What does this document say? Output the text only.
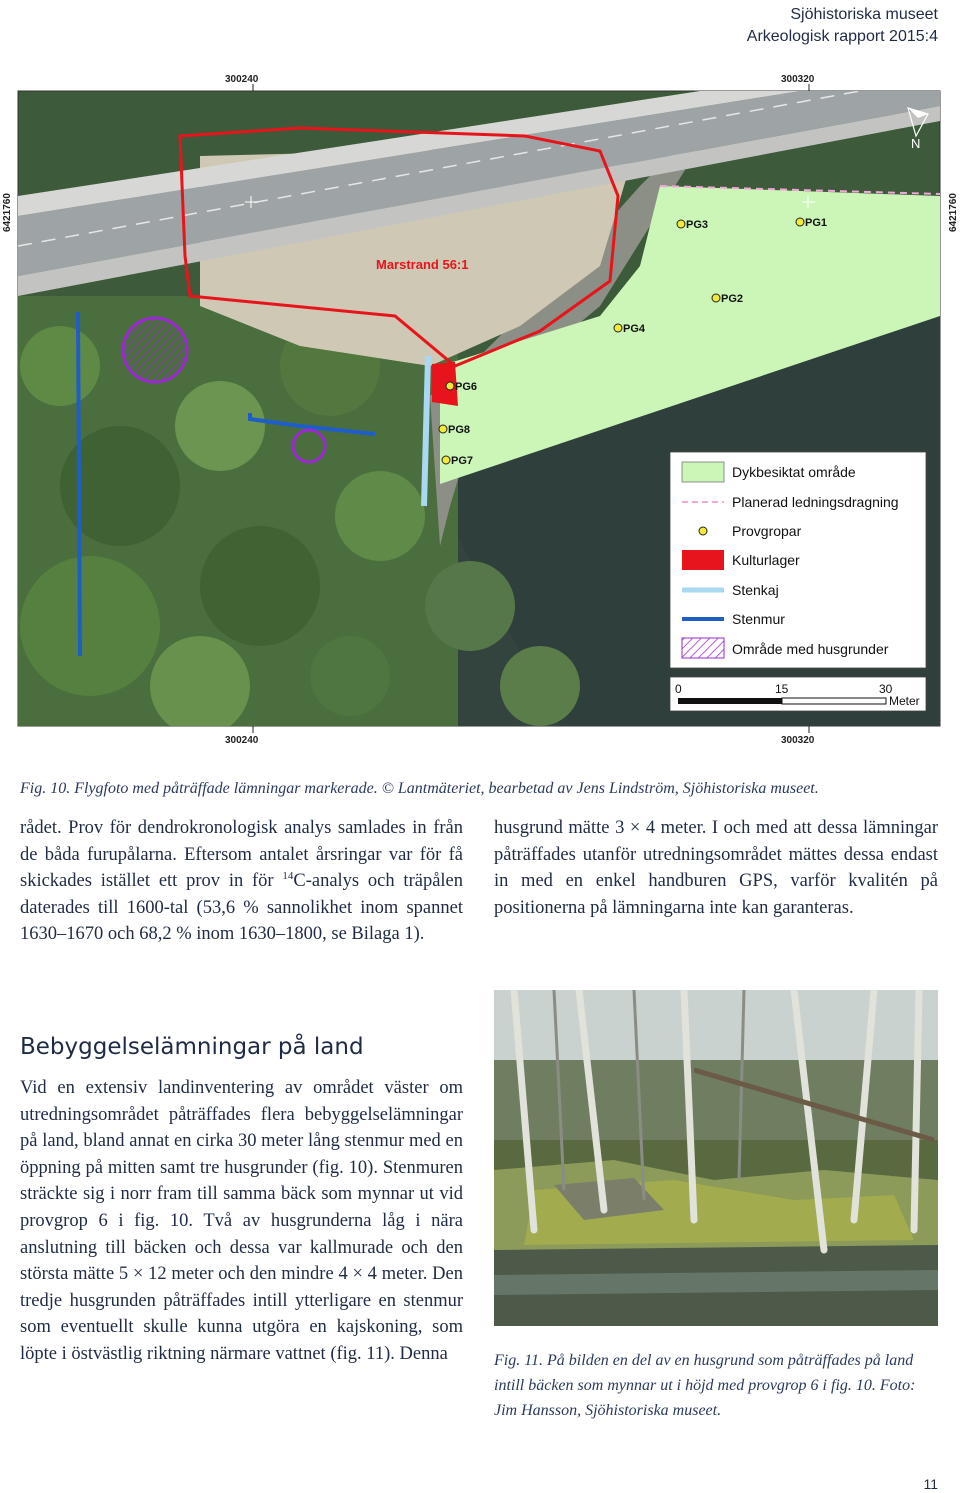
Sjöhistoriska museet
Arkeologisk rapport 2015:4
300240	300320
6421760	6421760
Marstrand 56:1
PG1
PG2
PG3
PG4
PG6
PG7
PG8
N
Dykbesiktat område
Planerad ledningsdragning
Provgropar
Kulturlager
Stenkaj
Stenmur
Område med husgrunder
0	15	30
Meter
300240	300320
Fig. 10. Flygfoto med påträffade lämningar markerade. © Lantmäteriet, bearbetad av Jens Lindström, Sjöhistoriska museet.
rådet. Prov för dendrokronologisk analys samlades in från de båda furupålarna. Eftersom antalet årsringar var för få skickades istället ett prov in för $^{14}$C-analys och träpålen daterades till 1600-tal (53,6 % sannolikhet inom spannet 1630–1670 och 68,2 % inom 1630–1800, se Bilaga 1).
husgrund mätte 3 × 4 meter. I och med att dessa lämningar påträffades utanför utredningsområdet mättes dessa endast in med en enkel handburen GPS, varför kvalitén på positionerna på lämningarna inte kan garanteras.
Bebyggelselämningar på land
Vid en extensiv landinventering av området väster om utredningsområdet påträffades flera bebyggelselämningar på land, bland annat en cirka 30 meter lång stenmur med en öppning på mitten samt tre husgrunder (fig. 10). Stenmuren sträckte sig i norr fram till samma bäck som mynnar ut vid provgrop 6 i fig. 10. Två av husgrunderna låg i nära anslutning till bäcken och dessa var kallmurade och den största mätte 5 × 12 meter och den mindre 4 × 4 meter. Den tredje husgrunden påträffades intill ytterligare en stenmur som eventuellt skulle kunna utgöra en kajskoning, som löpte i östvästlig riktning närmare vattnet (fig. 11). Denna	Fig. 11. På bilden en del av en husgrund som påträffades på land intill bäcken som mynnar ut i höjd med provgrop 6 i fig. 10. Foto: Jim Hansson, Sjöhistoriska museet.
11
